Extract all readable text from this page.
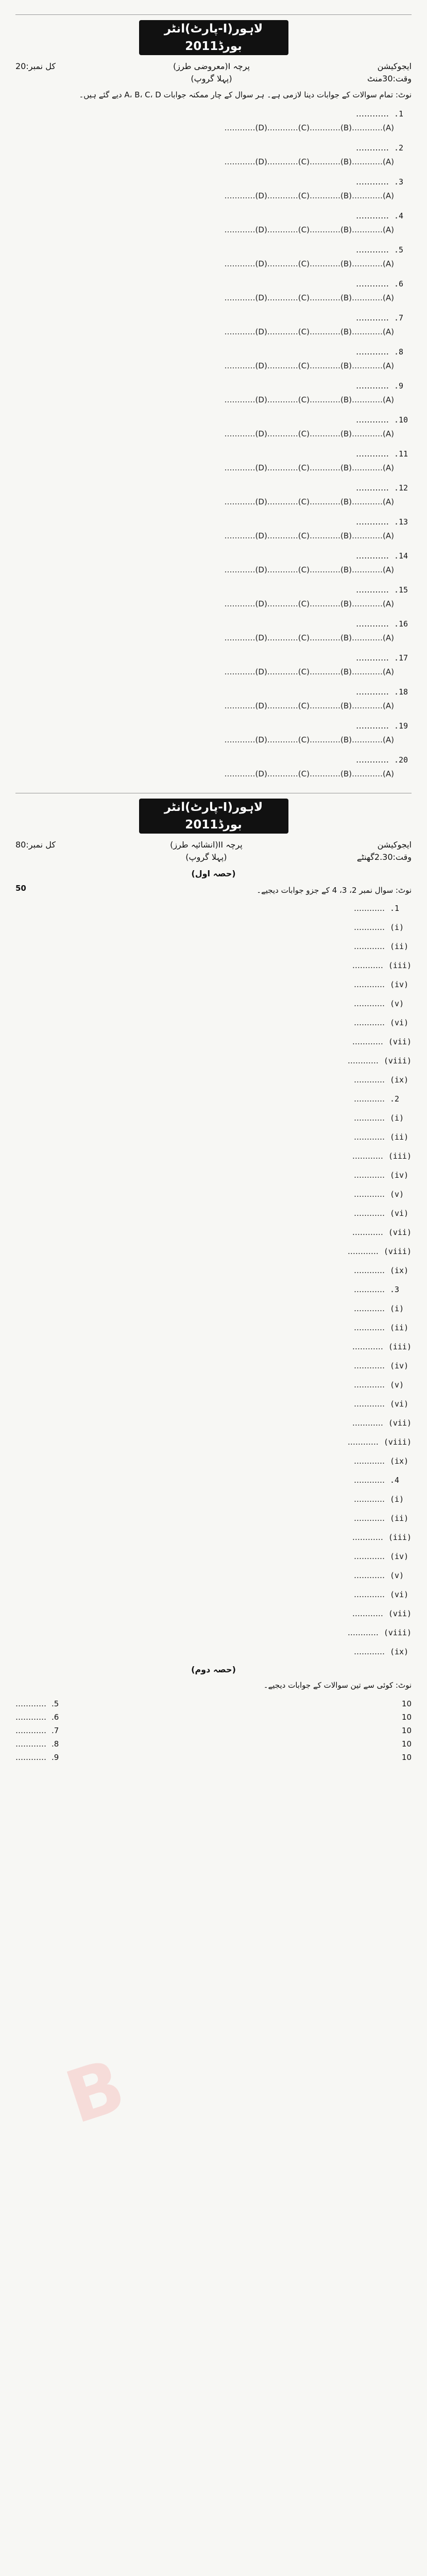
انٹر(پارٹ-I)لاہور بورڈ2011
ایجوکیشن
وقت:30منٹ
پرچہ I(معروضی طرز)
(پہلا گروپ)
کل نمبر:20
نوٹ: تمام سوالات کے جوابات دینا لازمی ہے۔ ہر سوال کے چار ممکنہ جوابات A، B، C، D دیے گئے ہیں۔
1.
…………
(A)…………(B)…………(C)…………(D)…………
2.
…………
(A)…………(B)…………(C)…………(D)…………
3.
…………
(A)…………(B)…………(C)…………(D)…………
4.
…………
(A)…………(B)…………(C)…………(D)…………
5.
…………
(A)…………(B)…………(C)…………(D)…………
6.
…………
(A)…………(B)…………(C)…………(D)…………
7.
…………
(A)…………(B)…………(C)…………(D)…………
8.
…………
(A)…………(B)…………(C)…………(D)…………
9.
…………
(A)…………(B)…………(C)…………(D)…………
10.
…………
(A)…………(B)…………(C)…………(D)…………
11.
…………
(A)…………(B)…………(C)…………(D)…………
12.
…………
(A)…………(B)…………(C)…………(D)…………
13.
…………
(A)…………(B)…………(C)…………(D)…………
14.
…………
(A)…………(B)…………(C)…………(D)…………
15.
…………
(A)…………(B)…………(C)…………(D)…………
16.
…………
(A)…………(B)…………(C)…………(D)…………
17.
…………
(A)…………(B)…………(C)…………(D)…………
18.
…………
(A)…………(B)…………(C)…………(D)…………
19.
…………
(A)…………(B)…………(C)…………(D)…………
20.
…………
(A)…………(B)…………(C)…………(D)…………
انٹر(پارٹ-I)لاہور بورڈ2011
ایجوکیشن
وقت:2.30گھنٹے
پرچہ II(انشائیہ طرز)
(پہلا گروپ)
کل نمبر:80
(حصہ اول)
50	نوٹ: سوال نمبر 2، 3، 4 کے جزو جوابات دیجیے۔
1.
…………
(i)
…………
(ii)
…………
(iii)
…………
(iv)
…………
(v)
…………
(vi)
…………
(vii)
…………
(viii)
…………
(ix)
…………
2.
…………
(i)
…………
(ii)
…………
(iii)
…………
(iv)
…………
(v)
…………
(vi)
…………
(vii)
…………
(viii)
…………
(ix)
…………
3.
…………
(i)
…………
(ii)
…………
(iii)
…………
(iv)
…………
(v)
…………
(vi)
…………
(vii)
…………
(viii)
…………
(ix)
…………
4.
…………
(i)
…………
(ii)
…………
(iii)
…………
(iv)
…………
(v)
…………
(vi)
…………
(vii)
…………
(viii)
…………
(ix)
…………
(حصہ دوم)
نوٹ: کوئی سے تین سوالات کے جوابات دیجیے۔
10
5.
…………
10
6.
…………
10
7.
…………
10
8.
…………
10
9.
…………
B
